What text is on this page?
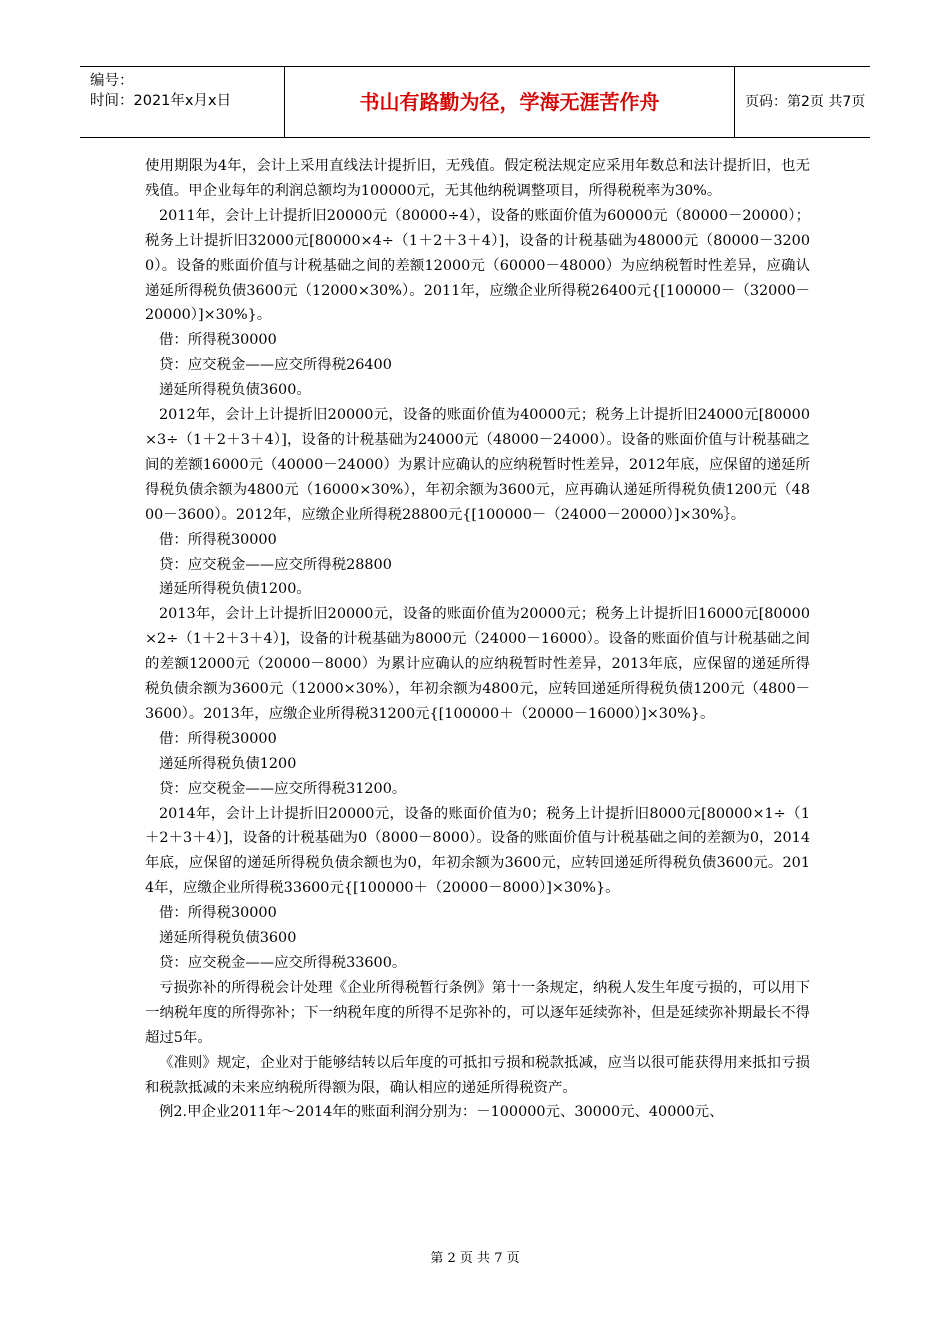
编号：
时间：2021年x月x日	书山有路勤为径，学海无涯苦作舟	页码：第2页 共7页

使用期限为4年，会计上采用直线法计提折旧，无残值。假定税法规定应采用年数总和法计提折旧，也无残值。甲企业每年的利润总额均为100000元，无其他纳税调整项目，所得税税率为30%。

2011年，会计上计提折旧20000元（80000÷4），设备的账面价值为60000元（80000－20000）；税务上计提折旧32000元[80000×4÷（1＋2＋3＋4）]，设备的计税基础为48000元（80000－32000）。设备的账面价值与计税基础之间的差额12000元（60000－48000）为应纳税暂时性差异，应确认递延所得税负债3600元（12000×30%）。2011年，应缴企业所得税26400元{[100000－（32000－20000）]×30%}。

借：所得税30000

贷：应交税金——应交所得税26400

递延所得税负债3600。

2012年，会计上计提折旧20000元，设备的账面价值为40000元；税务上计提折旧24000元[80000×3÷（1＋2＋3＋4）]，设备的计税基础为24000元（48000－24000）。设备的账面价值与计税基础之间的差额16000元（40000－24000）为累计应确认的应纳税暂时性差异，2012年底，应保留的递延所得税负债余额为4800元（16000×30%），年初余额为3600元，应再确认递延所得税负债1200元（4800－3600）。2012年，应缴企业所得税28800元{[100000－（24000－20000）]×30%｝。

借：所得税30000

贷：应交税金——应交所得税28800

递延所得税负债1200。

2013年，会计上计提折旧20000元，设备的账面价值为20000元；税务上计提折旧16000元[80000×2÷（1＋2＋3＋4）]，设备的计税基础为8000元（24000－16000）。设备的账面价值与计税基础之间的差额12000元（20000－8000）为累计应确认的应纳税暂时性差异，2013年底，应保留的递延所得税负债余额为3600元（12000×30%），年初余额为4800元，应转回递延所得税负债1200元（4800－3600）。2013年，应缴企业所得税31200元{[100000＋（20000－16000）]×30%}。

借：所得税30000

递延所得税负债1200

贷：应交税金——应交所得税31200。

2014年，会计上计提折旧20000元，设备的账面价值为0；税务上计提折旧8000元[80000×1÷（1＋2＋3＋4）]，设备的计税基础为0（8000－8000）。设备的账面价值与计税基础之间的差额为0，2014年底，应保留的递延所得税负债余额也为0，年初余额为3600元，应转回递延所得税负债3600元。2014年，应缴企业所得税33600元{[100000＋（20000－8000）]×30%}。

借：所得税30000

递延所得税负债3600

贷：应交税金——应交所得税33600。

亏损弥补的所得税会计处理《企业所得税暂行条例》第十一条规定，纳税人发生年度亏损的，可以用下一纳税年度的所得弥补；下一纳税年度的所得不足弥补的，可以逐年延续弥补，但是延续弥补期最长不得超过5年。

《准则》规定，企业对于能够结转以后年度的可抵扣亏损和税款抵减，应当以很可能获得用来抵扣亏损和税款抵减的未来应纳税所得额为限，确认相应的递延所得税资产。

例2.甲企业2011年～2014年的账面利润分别为：－100000元、30000元、40000元、

第 2 页 共 7 页
